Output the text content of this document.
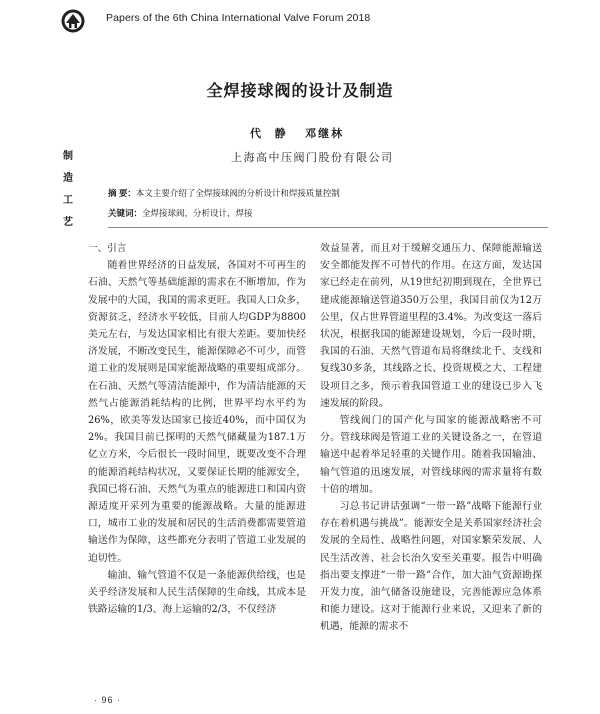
Papers of the 6th China International Valve Forum 2018
全焊接球阀的设计及制造
代  静   邓继林
上海高中压阀门股份有限公司
制
造
工
艺
摘 要：本文主要介绍了全焊接球阀的分析设计和焊接质量控制
关键词：全焊接球阀，分析设计，焊接

一、引言

随着世界经济的日益发展，各国对不可再生的石油、天然气等基础能源的需求在不断增加，作为发展中的大国，我国的需求更旺。我国人口众多，资源贫乏，经济水平较低，目前人均GDP为8800美元左右，与发达国家相比有很大差距。要加快经济发展，不断改变民生，能源保障必不可少，而管道工业的发展则是国家能源战略的重要组成部分。在石油、天然气等清洁能源中，作为清洁能源的天然气占能源消耗结构的比例，世界平均水平约为26%，欧美等发达国家已接近40%，而中国仅为2%。我国目前已探明的天然气储藏量为187.1万亿立方米，今后很长一段时间里，既要改变不合理的能源消耗结构状况，又要保证长期的能源安全，我国已将石油、天然气为重点的能源进口和国内资源适度开采列为重要的能源战略。大量的能源进口，城市工业的发展和居民的生活消费都需要管道输送作为保障，这些都充分表明了管道工业发展的迫切性。

输油、输气管道不仅是一条能源供给线，也是关乎经济发展和人民生活保障的生命线，其成本是铁路运输的1/3、海上运输的2/3，不仅经济

效益显著，而且对于缓解交通压力、保障能源输送安全都能发挥不可替代的作用。在这方面，发达国家已经走在前列，从19世纪初期到现在，全世界已建成能源输送管道350万公里，我国目前仅为12万公里，仅占世界管道里程的3.4%。为改变这一落后状况，根据我国的能源建设规划，今后一段时期，我国的石油、天然气管道布局将继续北千、支线和复线30多条，其线路之长、投资规模之大、工程建设项目之多，预示着我国管道工业的建设已步入飞速发展的阶段。

管线阀门的国产化与国家的能源战略密不可分。管线球阀是管道工业的关键设备之一，在管道输送中起着举足轻重的关键作用。随着我国输油、输气管道的迅速发展，对管线球阀的需求量将有数十倍的增加。

习总书记讲话强调“一带一路”战略下能源行业存在着机遇与挑战”。能源安全是关系国家经济社会发展的全局性、战略性问题，对国家繁荣发展、人民生活改善、社会长治久安至关重要。报告中明确指出要支撑进“一带一路”合作，加大油气资源勘探开发力度，油气储备设施建设，完善能源应急体系和能力建设。这对于能源行业来说，又迎来了新的机遇，能源的需求不

· 96 ·
